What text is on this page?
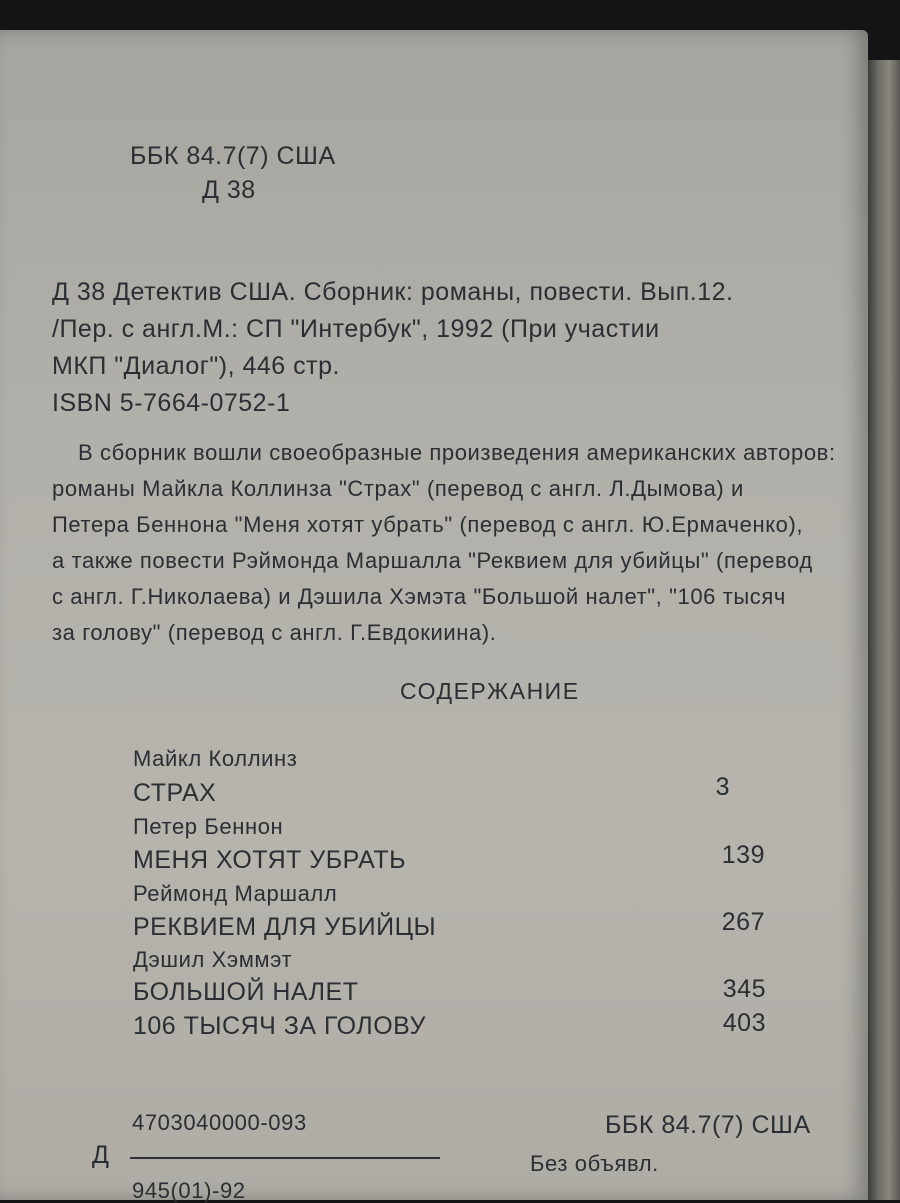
ББК 84.7(7) США
Д 38
Д 38 Детектив США. Сборник: романы, повести. Вып.12.
/Пер. с англ.М.: СП "Интербук", 1992 (При участии
МКП "Диалог"), 446 стр.
ISBN 5-7664-0752-1
В сборник вошли своеобразные произведения американских авторов:
романы Майкла Коллинза "Страх" (перевод с англ. Л.Дымова) и
Петера Беннона "Меня хотят убрать" (перевод с англ. Ю.Ермаченко),
а также повести Рэймонда Маршалла "Реквием для убийцы" (перевод
с англ. Г.Николаева) и Дэшила Хэмэта "Большой налет", "106 тысяч
за голову" (перевод с англ. Г.Евдокиина).
СОДЕРЖАНИЕ
Майкл Коллинз
СТРАХ	3
Петер Беннон
МЕНЯ ХОТЯТ УБРАТЬ	139
Реймонд Маршалл
РЕКВИЕМ ДЛЯ УБИЙЦЫ	267
Дэшил Хэммэт
БОЛЬШОЙ НАЛЕТ	345
106 ТЫСЯЧ ЗА ГОЛОВУ	403
4703040000-093
Д
945(01)-92
ББК 84.7(7) США
Без объявл.
